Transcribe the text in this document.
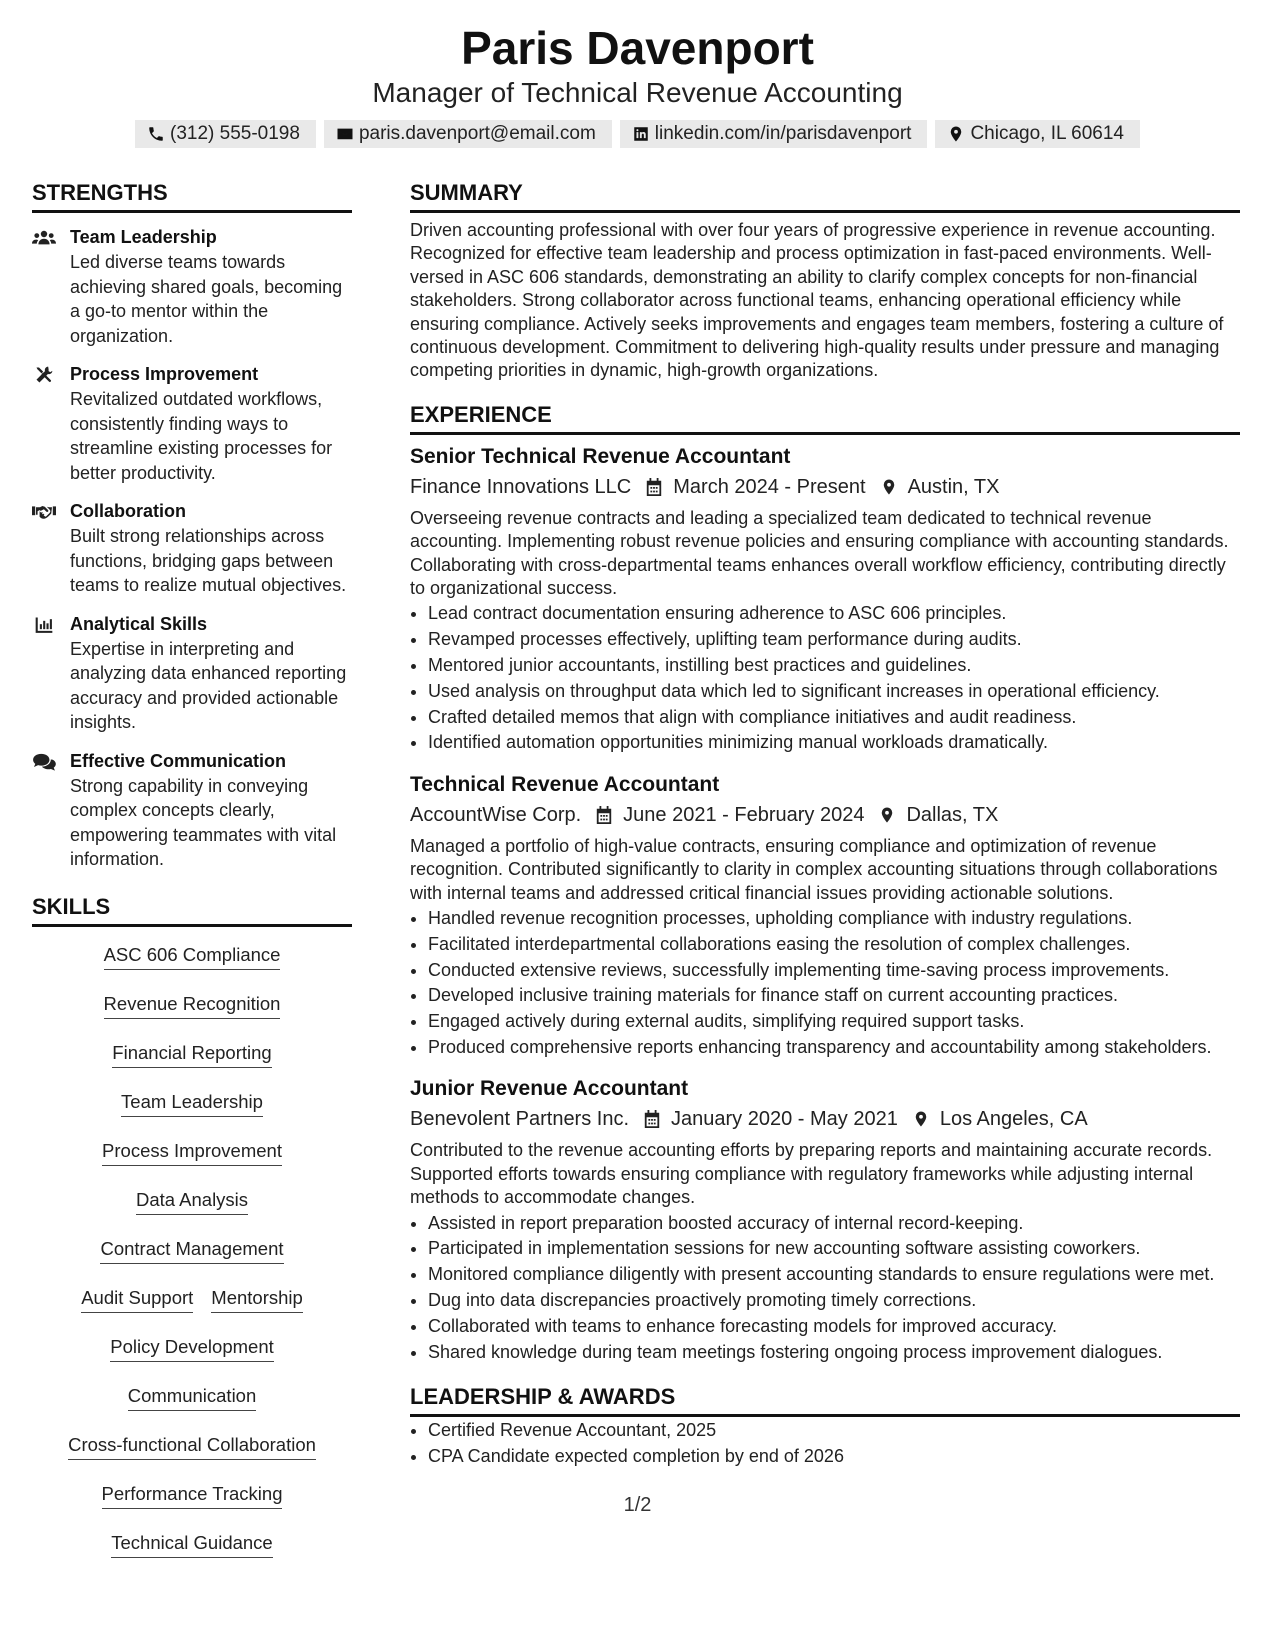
Paris Davenport
Manager of Technical Revenue Accounting
(312) 555-0198	paris.davenport@email.com	linkedin.com/in/parisdavenport	Chicago, IL 60614
STRENGTHS
Team Leadership
Led diverse teams towards achieving shared goals, becoming a go-to mentor within the organization.
Process Improvement
Revitalized outdated workflows, consistently finding ways to streamline existing processes for better productivity.
Collaboration
Built strong relationships across functions, bridging gaps between teams to realize mutual objectives.
Analytical Skills
Expertise in interpreting and analyzing data enhanced reporting accuracy and provided actionable insights.
Effective Communication
Strong capability in conveying complex concepts clearly, empowering teammates with vital information.
SKILLS
ASC 606 Compliance
Revenue Recognition
Financial Reporting
Team Leadership
Process Improvement
Data Analysis
Contract Management
Audit Support Mentorship
Policy Development
Communication
Cross-functional Collaboration
Performance Tracking
Technical Guidance
SUMMARY
Driven accounting professional with over four years of progressive experience in revenue accounting. Recognized for effective team leadership and process optimization in fast-paced environments. Well-versed in ASC 606 standards, demonstrating an ability to clarify complex concepts for non-financial stakeholders. Strong collaborator across functional teams, enhancing operational efficiency while ensuring compliance. Actively seeks improvements and engages team members, fostering a culture of continuous development. Commitment to delivering high-quality results under pressure and managing competing priorities in dynamic, high-growth organizations.
EXPERIENCE
Senior Technical Revenue Accountant
Finance Innovations LLC March 2024 - Present Austin, TX
Overseeing revenue contracts and leading a specialized team dedicated to technical revenue accounting. Implementing robust revenue policies and ensuring compliance with accounting standards. Collaborating with cross-departmental teams enhances overall workflow efficiency, contributing directly to organizational success.
• Lead contract documentation ensuring adherence to ASC 606 principles.
• Revamped processes effectively, uplifting team performance during audits.
• Mentored junior accountants, instilling best practices and guidelines.
• Used analysis on throughput data which led to significant increases in operational efficiency.
• Crafted detailed memos that align with compliance initiatives and audit readiness.
• Identified automation opportunities minimizing manual workloads dramatically.
Technical Revenue Accountant
AccountWise Corp. June 2021 - February 2024 Dallas, TX
Managed a portfolio of high-value contracts, ensuring compliance and optimization of revenue recognition. Contributed significantly to clarity in complex accounting situations through collaborations with internal teams and addressed critical financial issues providing actionable solutions.
• Handled revenue recognition processes, upholding compliance with industry regulations.
• Facilitated interdepartmental collaborations easing the resolution of complex challenges.
• Conducted extensive reviews, successfully implementing time-saving process improvements.
• Developed inclusive training materials for finance staff on current accounting practices.
• Engaged actively during external audits, simplifying required support tasks.
• Produced comprehensive reports enhancing transparency and accountability among stakeholders.
Junior Revenue Accountant
Benevolent Partners Inc. January 2020 - May 2021 Los Angeles, CA
Contributed to the revenue accounting efforts by preparing reports and maintaining accurate records. Supported efforts towards ensuring compliance with regulatory frameworks while adjusting internal methods to accommodate changes.
• Assisted in report preparation boosted accuracy of internal record-keeping.
• Participated in implementation sessions for new accounting software assisting coworkers.
• Monitored compliance diligently with present accounting standards to ensure regulations were met.
• Dug into data discrepancies proactively promoting timely corrections.
• Collaborated with teams to enhance forecasting models for improved accuracy.
• Shared knowledge during team meetings fostering ongoing process improvement dialogues.
LEADERSHIP & AWARDS
• Certified Revenue Accountant, 2025
• CPA Candidate expected completion by end of 2026
1/2
